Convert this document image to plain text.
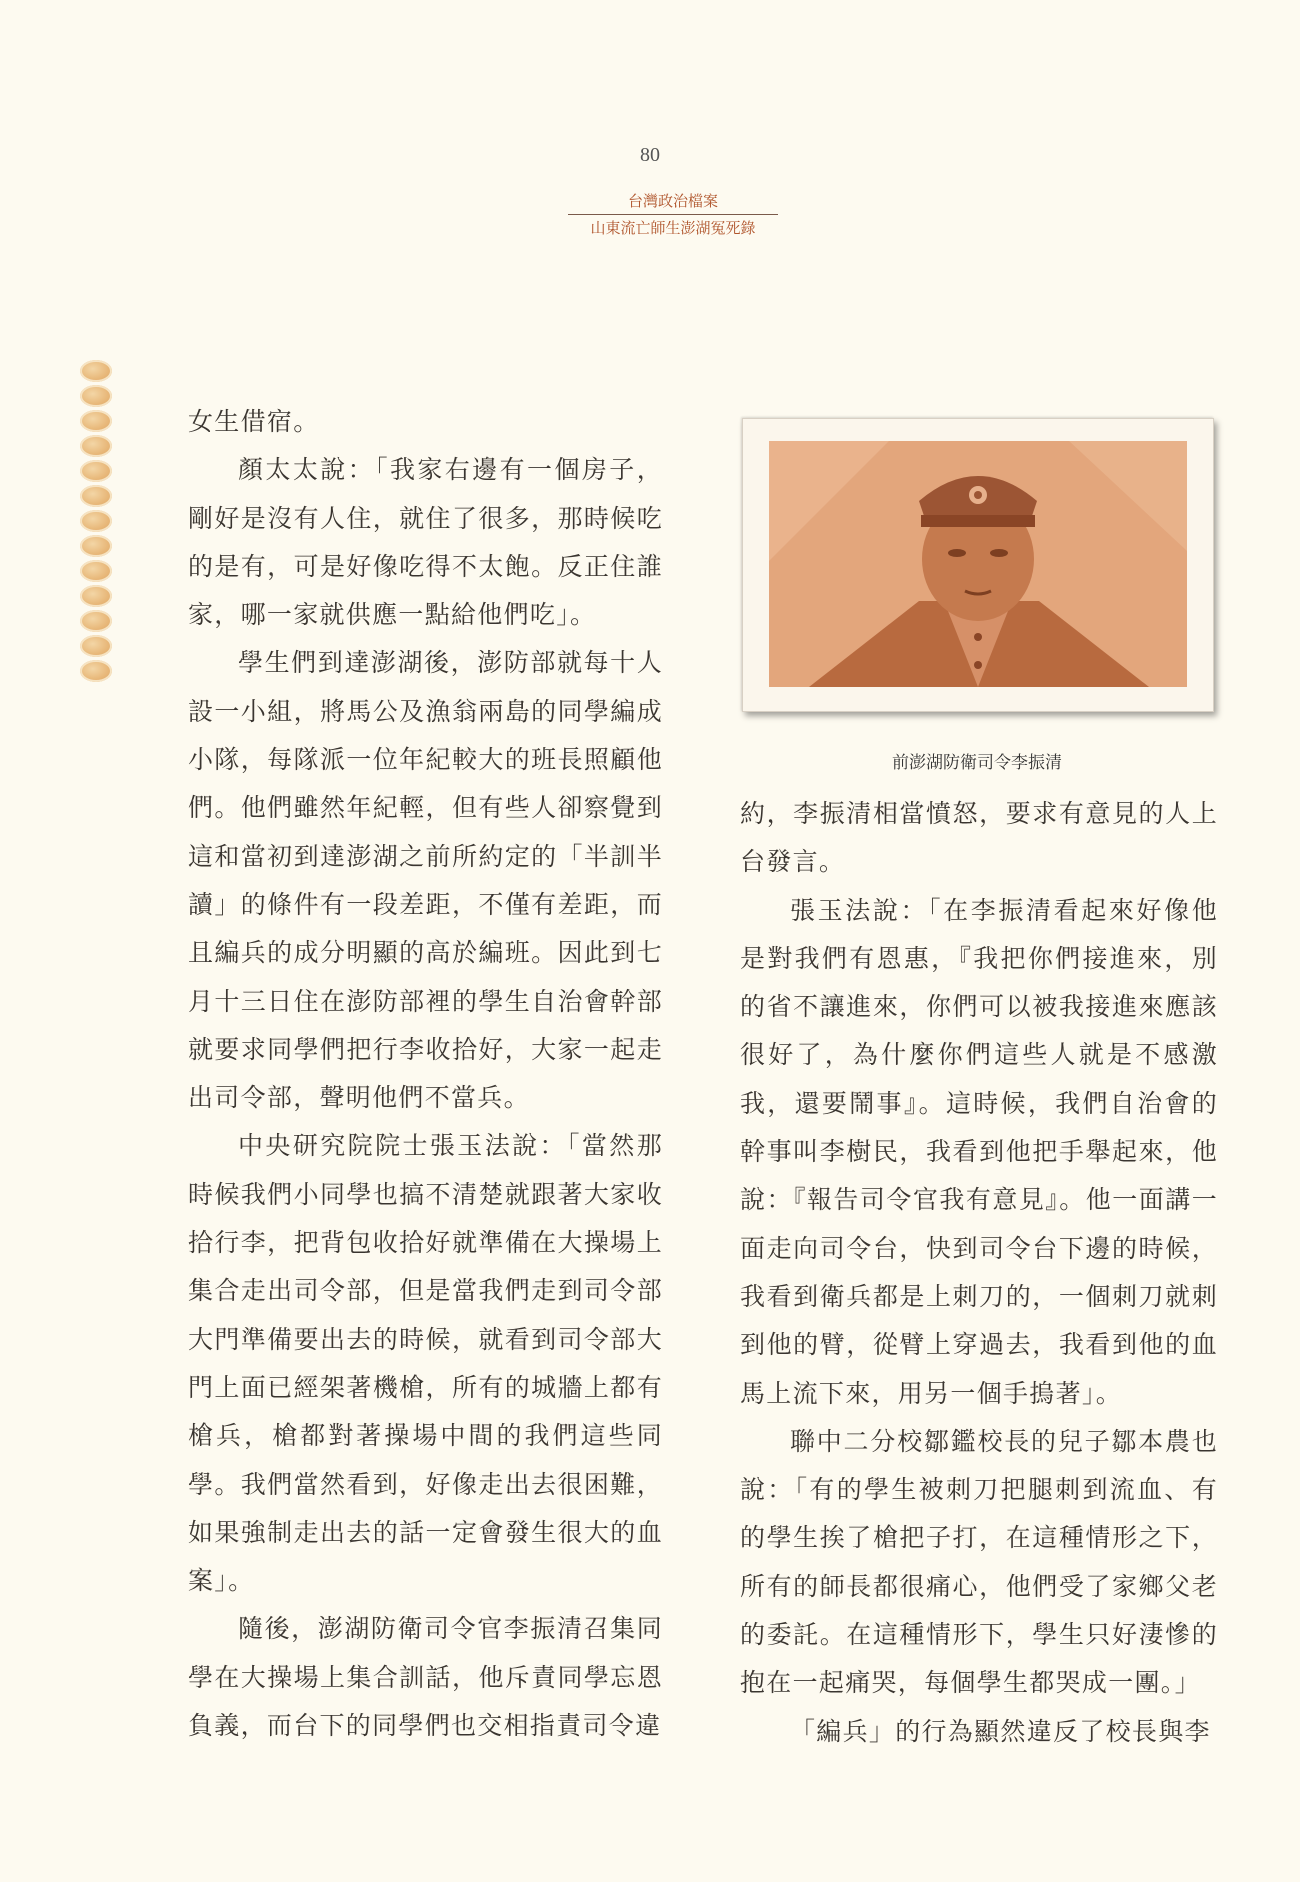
80
台灣政治檔案
山東流亡師生澎湖冤死錄

女生借宿。

顏太太說：「我家右邊有一個房子，剛好是沒有人住，就住了很多，那時候吃的是有，可是好像吃得不太飽。反正住誰家，哪一家就供應一點給他們吃」。

學生們到達澎湖後，澎防部就每十人設一小組，將馬公及漁翁兩島的同學編成小隊，每隊派一位年紀較大的班長照顧他們。他們雖然年紀輕，但有些人卻察覺到這和當初到達澎湖之前所約定的「半訓半讀」的條件有一段差距，不僅有差距，而且編兵的成分明顯的高於編班。因此到七月十三日住在澎防部裡的學生自治會幹部就要求同學們把行李收拾好，大家一起走出司令部，聲明他們不當兵。

中央研究院院士張玉法說：「當然那時候我們小同學也搞不清楚就跟著大家收拾行李，把背包收拾好就準備在大操場上集合走出司令部，但是當我們走到司令部大門準備要出去的時候，就看到司令部大門上面已經架著機槍，所有的城牆上都有槍兵，槍都對著操場中間的我們這些同學。我們當然看到，好像走出去很困難，如果強制走出去的話一定會發生很大的血案」。

隨後，澎湖防衛司令官李振清召集同學在大操場上集合訓話，他斥責同學忘恩負義，而台下的同學們也交相指責司令違

前澎湖防衛司令李振清

約，李振清相當憤怒，要求有意見的人上台發言。

張玉法說：「在李振清看起來好像他是對我們有恩惠，『我把你們接進來，別的省不讓進來，你們可以被我接進來應該很好了，為什麼你們這些人就是不感激我，還要鬧事』。這時候，我們自治會的幹事叫李樹民，我看到他把手舉起來，他說：『報告司令官我有意見』。他一面講一面走向司令台，快到司令台下邊的時候，我看到衛兵都是上刺刀的，一個刺刀就刺到他的臂，從臂上穿過去，我看到他的血馬上流下來，用另一個手摀著」。

聯中二分校鄒鑑校長的兒子鄒本農也說：「有的學生被刺刀把腿刺到流血、有的學生挨了槍把子打，在這種情形之下，所有的師長都很痛心，他們受了家鄉父老的委託。在這種情形下，學生只好淒慘的抱在一起痛哭，每個學生都哭成一團。」

「編兵」的行為顯然違反了校長與李
